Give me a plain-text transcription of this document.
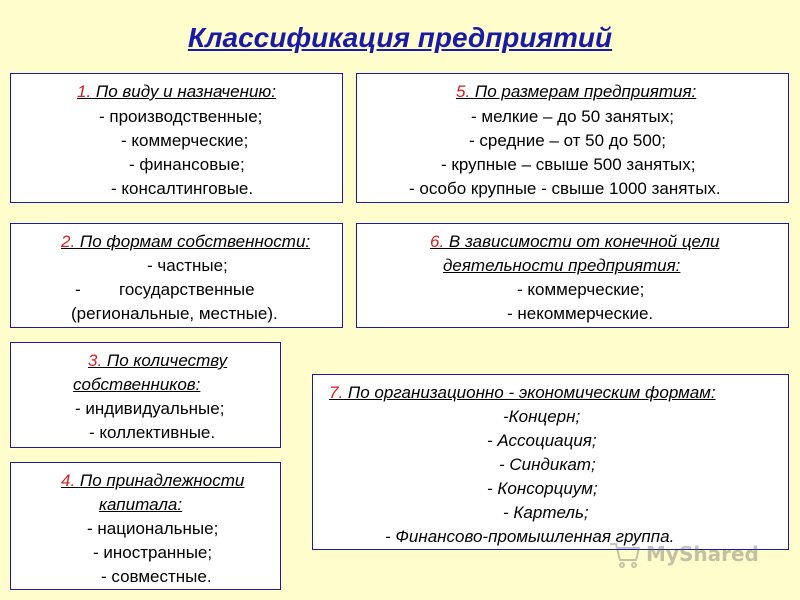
Классификация предприятий
1. По виду и назначению:
- производственные;
- коммерческие;
- финансовые;
- консалтинговые.
5. По размерам предприятия:
- мелкие – до 50 занятых;
- средние – от 50 до 500;
- крупные – свыше 500 занятых;
- особо крупные - свыше 1000 занятых.
2. По формам собственности:
- частные;
- государственные
(региональные, местные).
6. В зависимости от конечной цели
деятельности предприятия:
- коммерческие;
- некоммерческие.
3. По количеству
собственников:
- индивидуальные;
- коллективные.
4. По принадлежности
капитала:
- национальные;
- иностранные;
- совместные.
7. По организационно - экономическим формам:
-Концерн;
- Ассоциация;
- Синдикат;
- Консорциум;
- Картель;
- Финансово-промышленная группа.
MyShared
